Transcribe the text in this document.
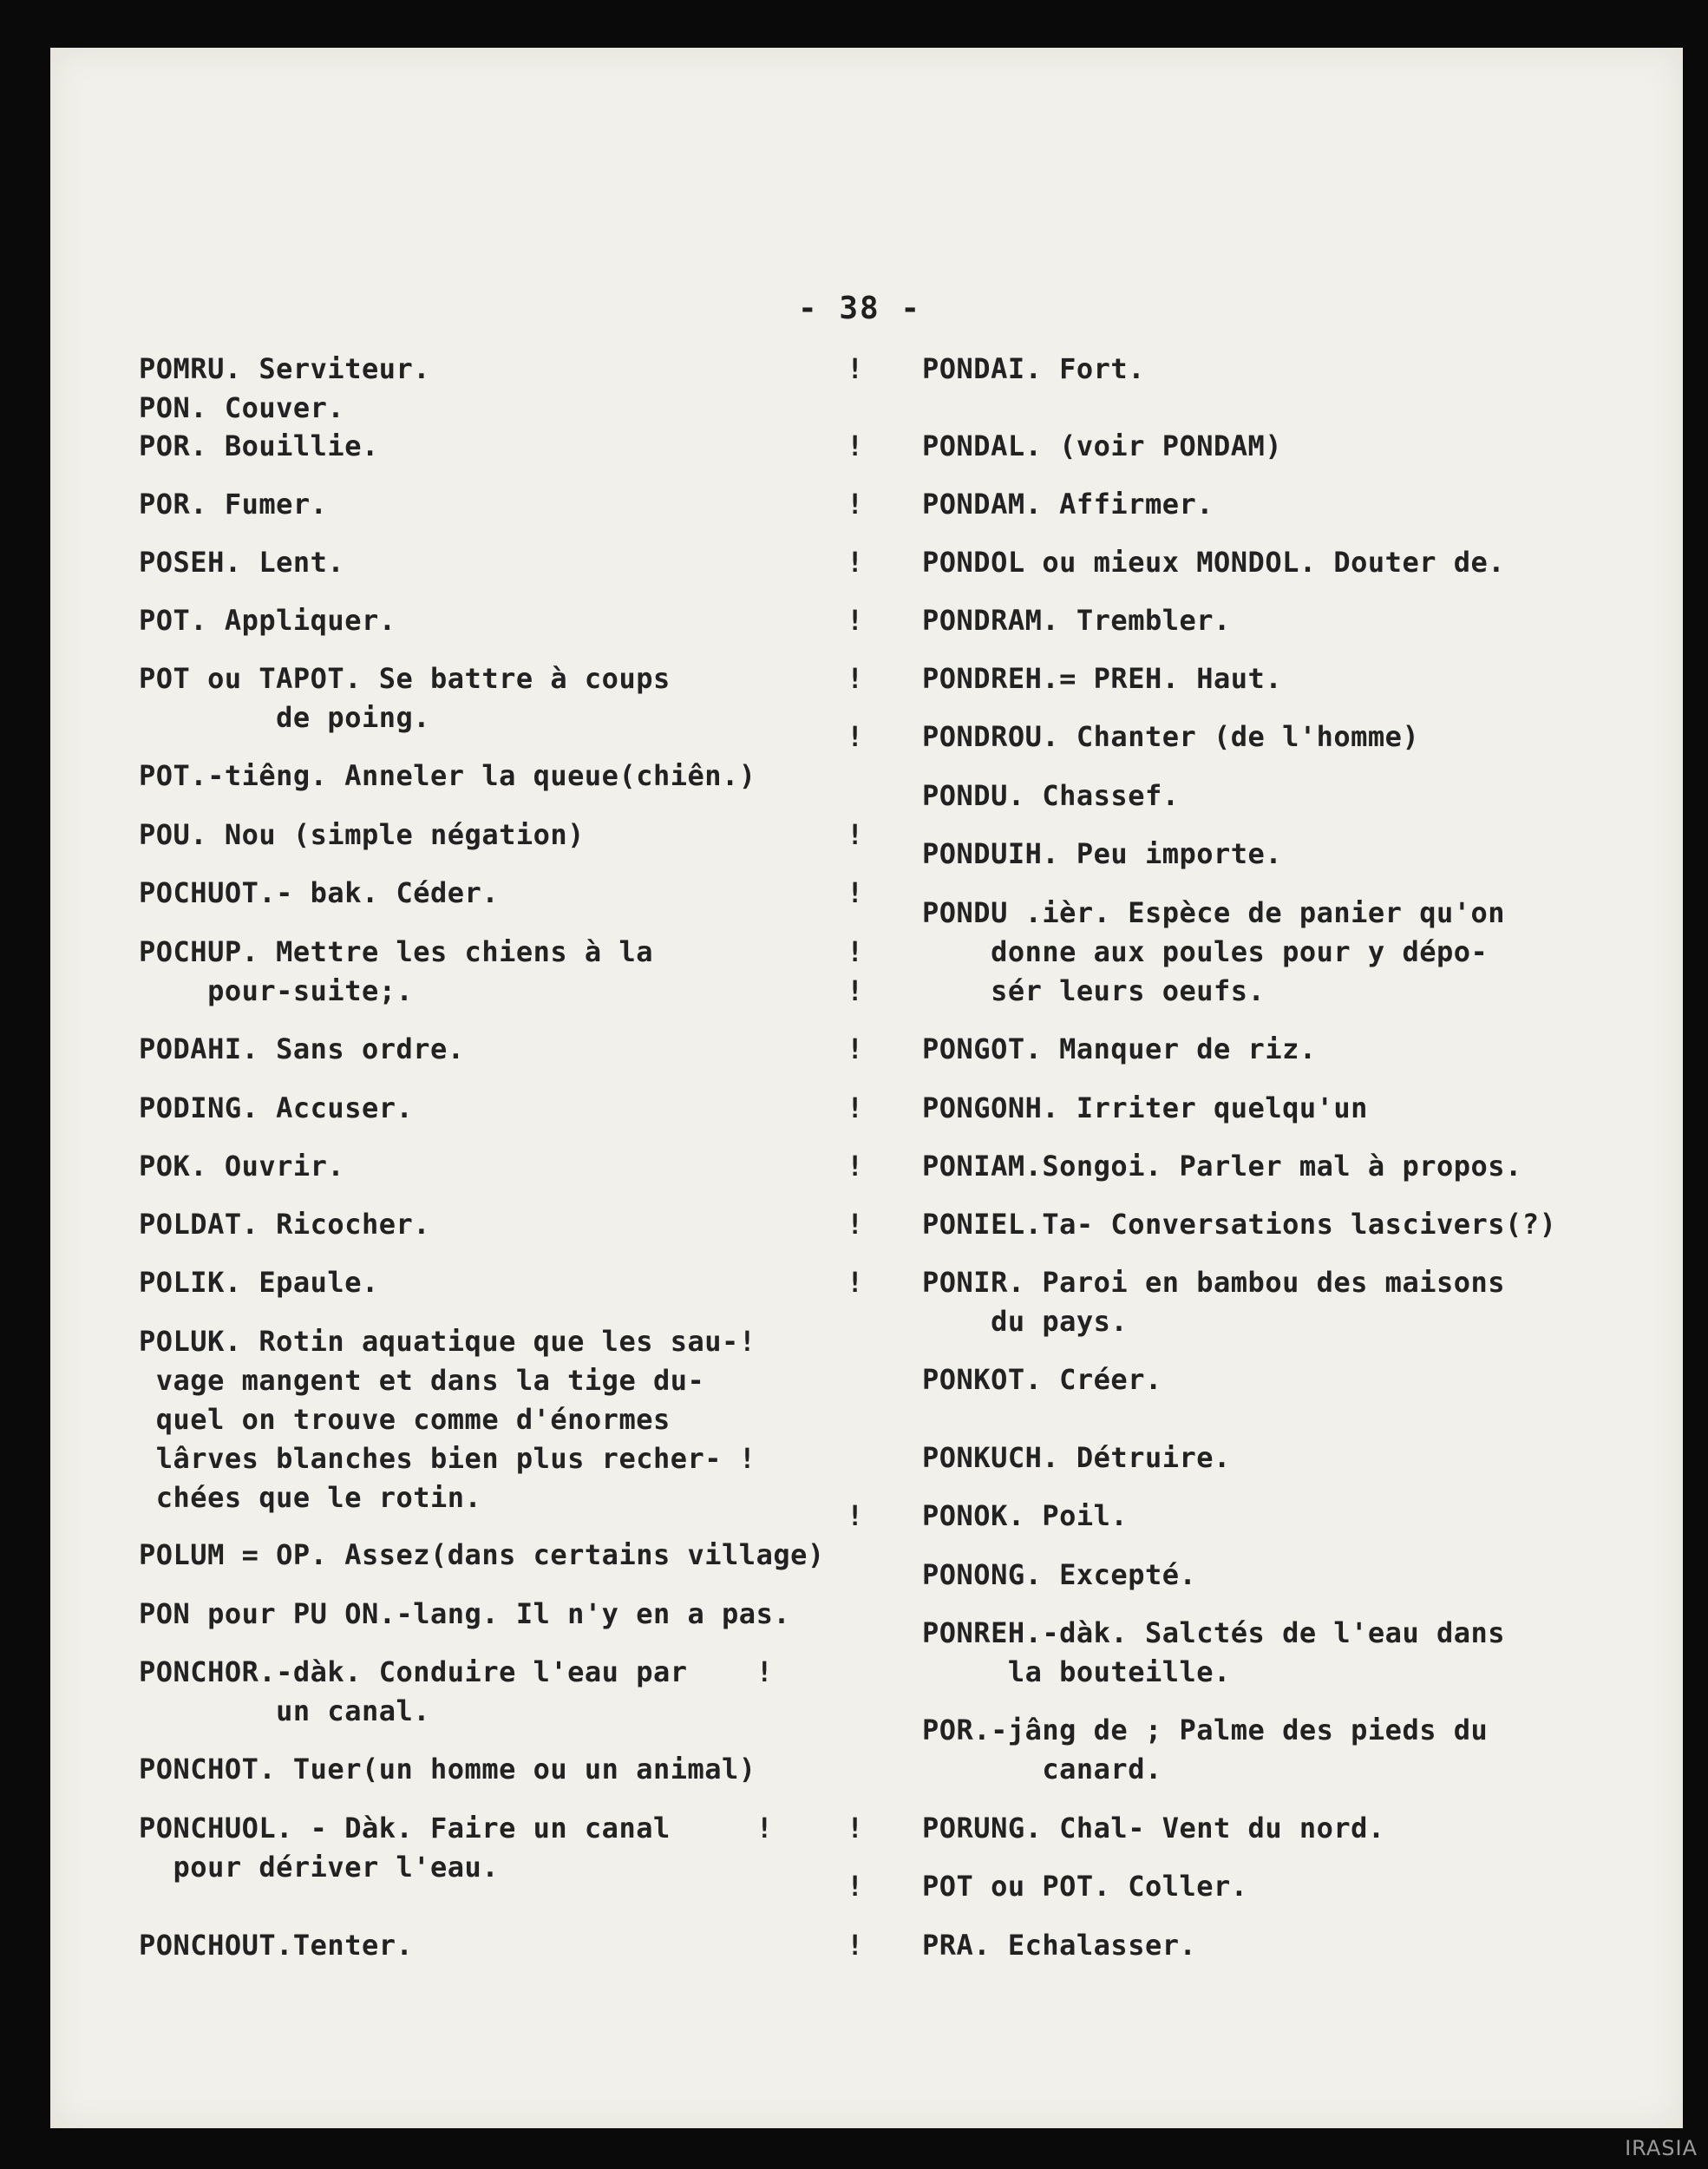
- 38 -
POMRU. Serviteur.
PON. Couver.
POR. Bouillie.
POR. Fumer.
POSEH. Lent.
POT. Appliquer.
POT ou TAPOT. Se battre à coups
de poing.
POT.-tiêng. Anneler la queue(chiên.)
POU. Nou (simple négation)
POCHUOT.- bak. Céder.
POCHUP. Mettre les chiens à la
pour-suite;.
PODAHI. Sans ordre.
PODING. Accuser.
POK. Ouvrir.
POLDAT. Ricocher.
POLIK. Epaule.
POLUK. Rotin aquatique que les sau-!
vage mangent et dans la tige du-
quel on trouve comme d'énormes
lârves blanches bien plus recher- !
chées que le rotin.
POLUM = OP. Assez(dans certains village)
PON pour PU ON.-lang. Il n'y en a pas.
PONCHOR.-dàk. Conduire l'eau par    !
un canal.
PONCHOT. Tuer(un homme ou un animal)
PONCHUOL. - Dàk. Faire un canal     !
pour dériver l'eau.
PONCHOUT.Tenter.
!
!
!
!
!
!
!
!
!
!
!
!
!
!
!
!
!
!
!
!
PONDAI. Fort.
PONDAL. (voir PONDAM)
PONDAM. Affirmer.
PONDOL ou mieux MONDOL. Douter de.
PONDRAM. Trembler.
PONDREH.= PREH. Haut.
PONDROU. Chanter (de l'homme)
PONDU. Chassef.
PONDUIH. Peu importe.
PONDU .ièr. Espèce de panier qu'on
donne aux poules pour y dépo-
sér leurs oeufs.
PONGOT. Manquer de riz.
PONGONH. Irriter quelqu'un
PONIAM.Songoi. Parler mal à propos.
PONIEL.Ta- Conversations lascivers(?)
PONIR. Paroi en bambou des maisons
du pays.
PONKOT. Créer.
PONKUCH. Détruire.
PONOK. Poil.
PONONG. Excepté.
PONREH.-dàk. Salctés de l'eau dans
la bouteille.
POR.-jâng de ; Palme des pieds du
canard.
PORUNG. Chal- Vent du nord.
POT ou POT. Coller.
PRA. Echalasser.
IRASIA
